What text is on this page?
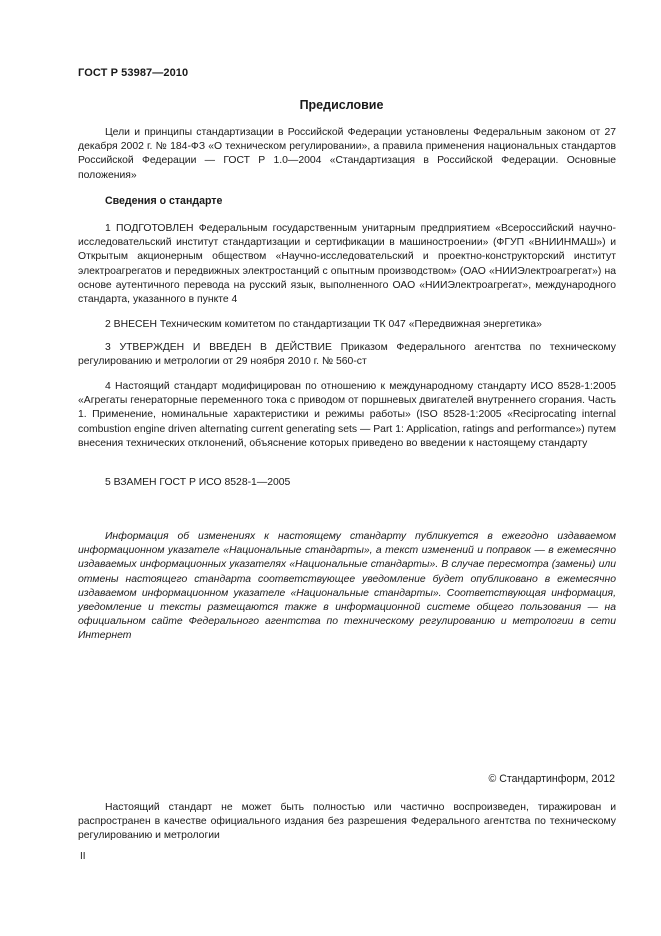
ГОСТ Р 53987—2010
Предисловие

Цели и принципы стандартизации в Российской Федерации установлены Федеральным законом от 27 декабря 2002 г. № 184-ФЗ «О техническом регулировании», а правила применения национальных стандартов Российской Федерации — ГОСТ Р 1.0—2004 «Стандартизация в Российской Федерации. Основные положения»

Сведения о стандарте

1 ПОДГОТОВЛЕН Федеральным государственным унитарным предприятием «Всероссийский научно-исследовательский институт стандартизации и сертификации в машиностроении» (ФГУП «ВНИИНМАШ») и Открытым акционерным обществом «Научно-исследовательский и проектно-конструкторский институт электроагрегатов и передвижных электростанций с опытным производством» (ОАО «НИИЭлектроагрегат») на основе аутентичного перевода на русский язык, выполненного ОАО «НИИЭлектроагрегат», международного стандарта, указанного в пункте 4

2 ВНЕСЕН Техническим комитетом по стандартизации ТК 047 «Передвижная энергетика»

3 УТВЕРЖДЕН И ВВЕДЕН В ДЕЙСТВИЕ Приказом Федерального агентства по техническому регулированию и метрологии от 29 ноября 2010 г. № 560-ст

4 Настоящий стандарт модифицирован по отношению к международному стандарту ИСО 8528-1:2005 «Агрегаты генераторные переменного тока с приводом от поршневых двигателей внутреннего сгорания. Часть 1. Применение, номинальные характеристики и режимы работы» (ISO 8528-1:2005 «Reciprocating internal combustion engine driven alternating current generating sets — Part 1: Application, ratings and performance») путем внесения технических отклонений, объяснение которых приведено во введении к настоящему стандарту

5 ВЗАМЕН ГОСТ Р ИСО 8528-1—2005

Информация об изменениях к настоящему стандарту публикуется в ежегодно издаваемом информационном указателе «Национальные стандарты», а текст изменений и поправок — в ежемесячно издаваемых информационных указателях «Национальные стандарты». В случае пересмотра (замены) или отмены настоящего стандарта соответствующее уведомление будет опубликовано в ежемесячно издаваемом информационном указателе «Национальные стандарты». Соответствующая информация, уведомление и тексты размещаются также в информационной системе общего пользования — на официальном сайте Федерального агентства по техническому регулированию и метрологии в сети Интернет

© Стандартинформ, 2012

Настоящий стандарт не может быть полностью или частично воспроизведен, тиражирован и распространен в качестве официального издания без разрешения Федерального агентства по техническому регулированию и метрологии

II
